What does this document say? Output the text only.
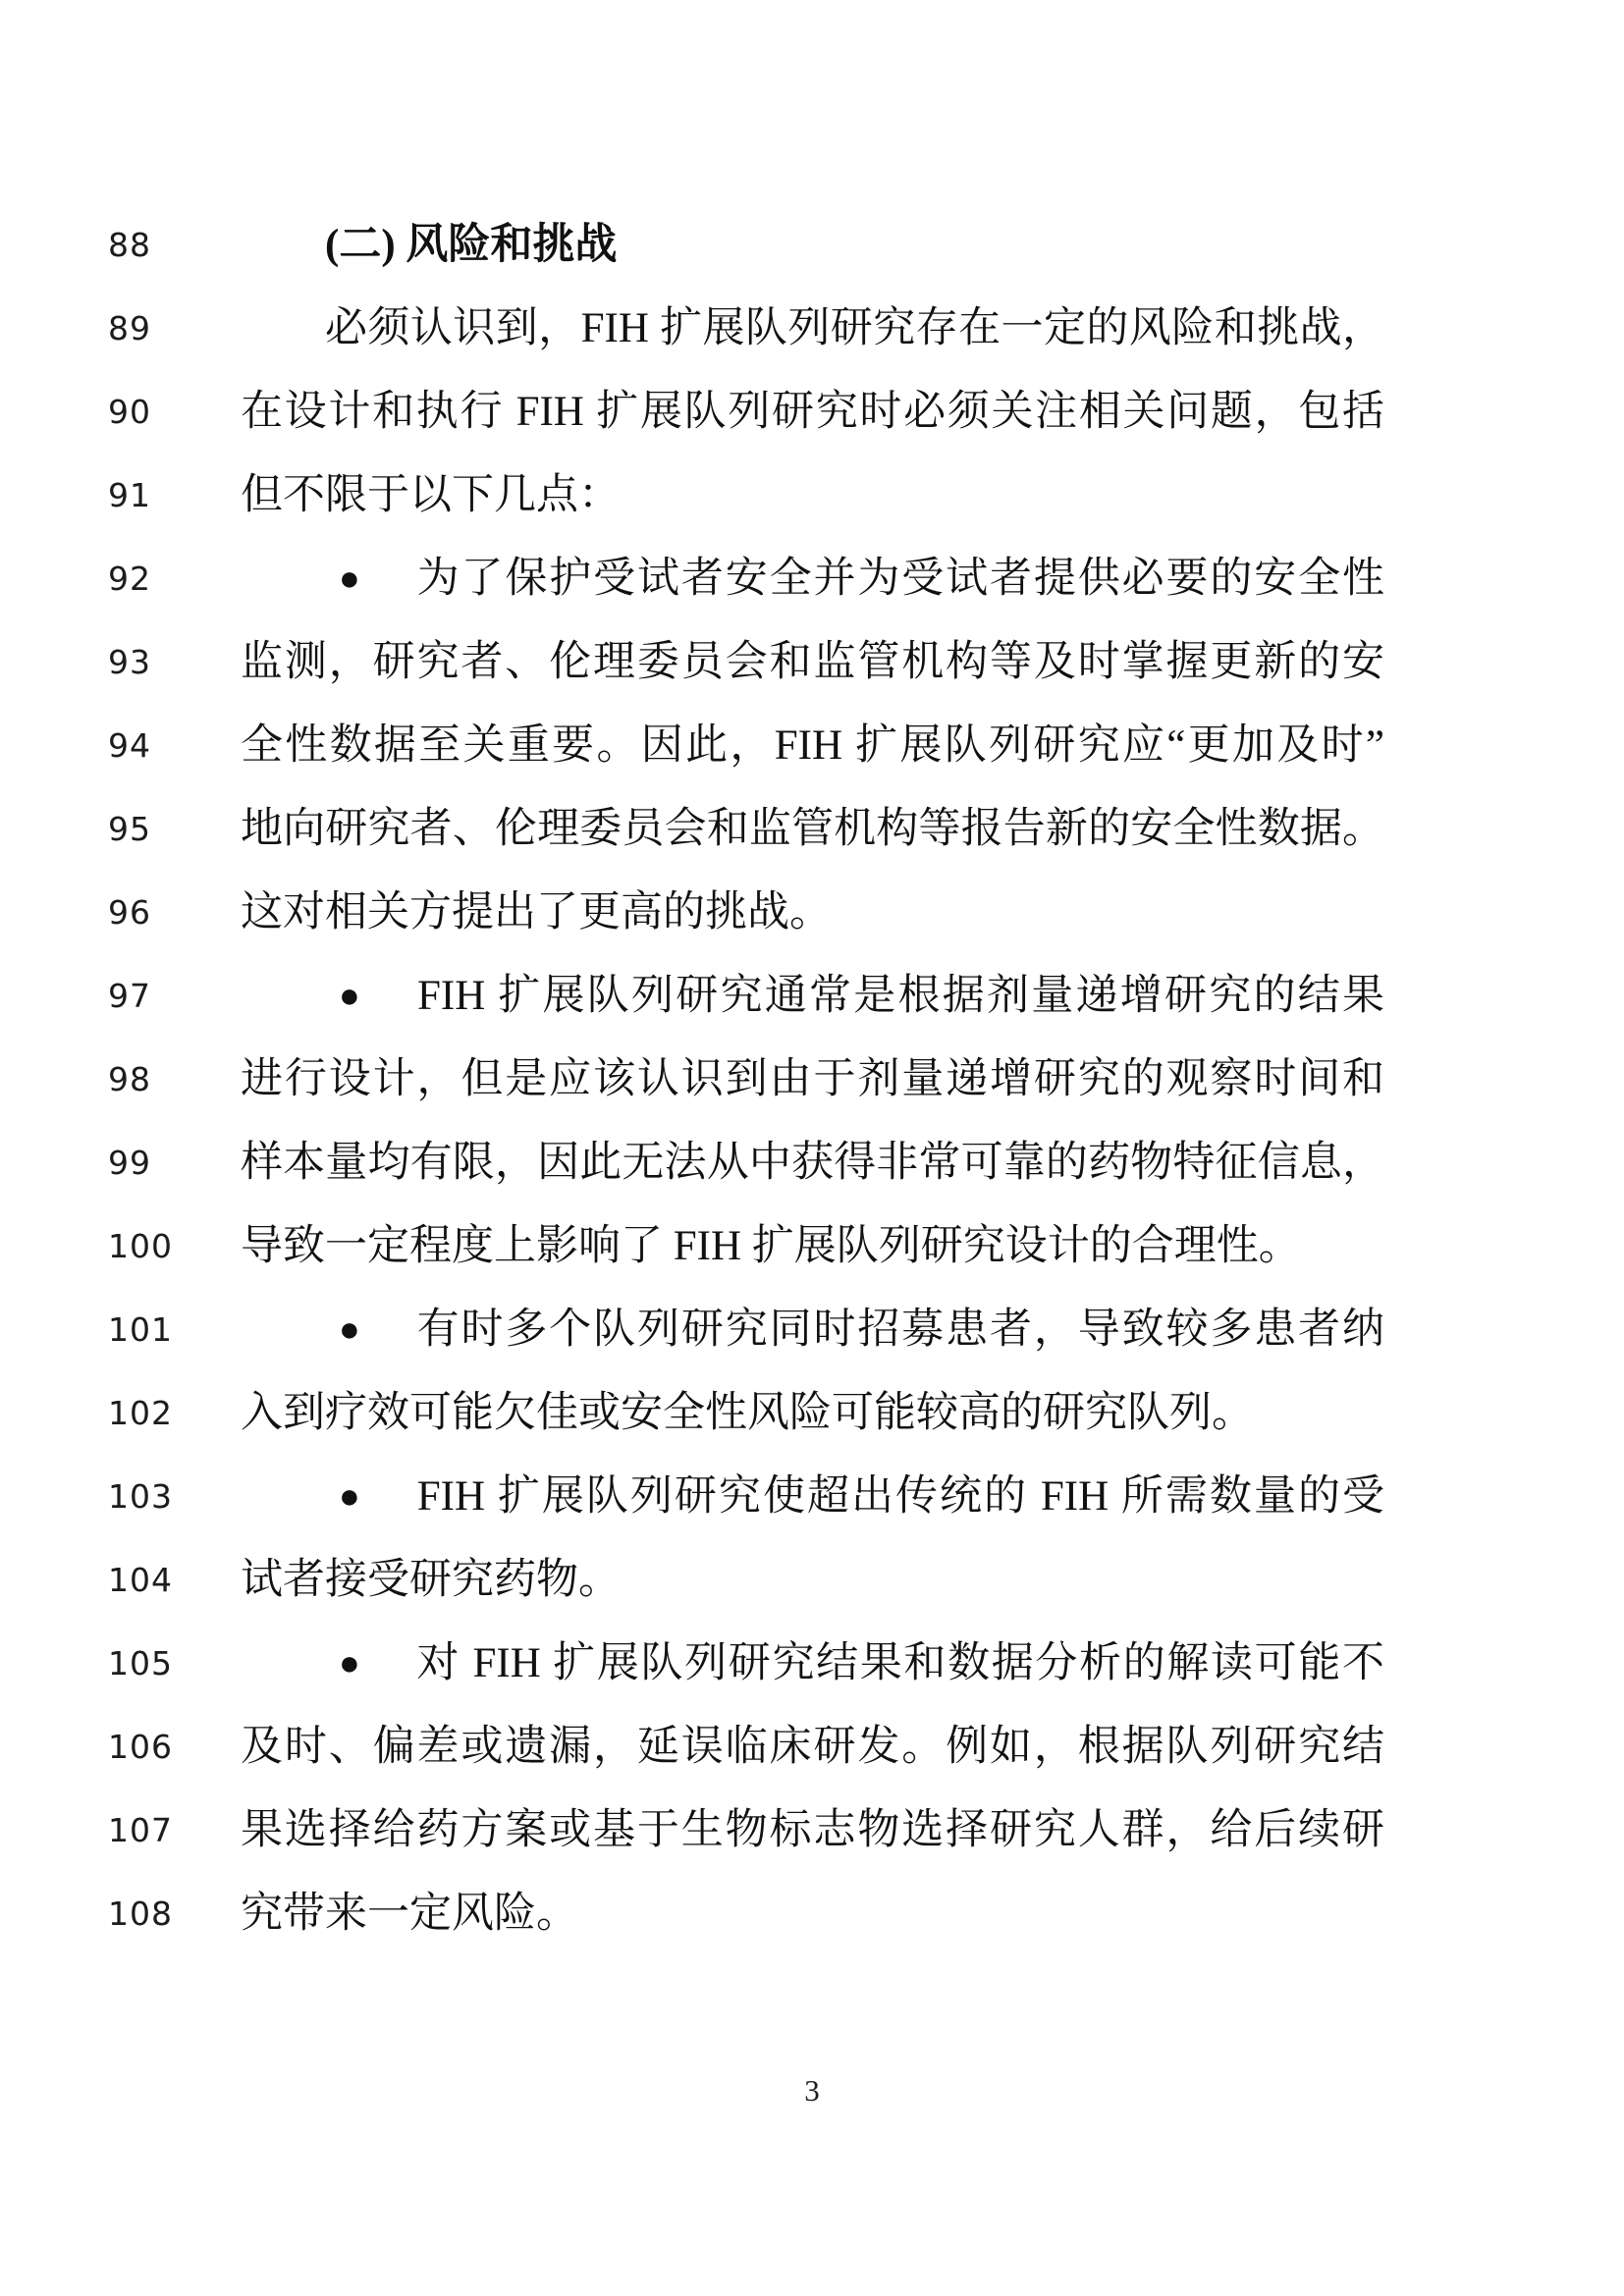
88	(二) 风险和挑战
89	必须认识到，FIH 扩展队列研究存在一定的风险和挑战，
90 在设计和执行 FIH 扩展队列研究时必须关注相关问题，包括
91 但不限于以下几点：
92	● 为了保护受试者安全并为受试者提供必要的安全性
93 监测，研究者、伦理委员会和监管机构等及时掌握更新的安
94 全性数据至关重要。因此，FIH 扩展队列研究应“更加及时”
95 地向研究者、伦理委员会和监管机构等报告新的安全性数据。
96 这对相关方提出了更高的挑战。
97	● FIH 扩展队列研究通常是根据剂量递增研究的结果
98 进行设计，但是应该认识到由于剂量递增研究的观察时间和
99 样本量均有限，因此无法从中获得非常可靠的药物特征信息，
100 导致一定程度上影响了 FIH 扩展队列研究设计的合理性。
101	● 有时多个队列研究同时招募患者，导致较多患者纳
102 入到疗效可能欠佳或安全性风险可能较高的研究队列。
103	● FIH 扩展队列研究使超出传统的 FIH 所需数量的受
104 试者接受研究药物。
105	● 对 FIH 扩展队列研究结果和数据分析的解读可能不
106 及时、偏差或遗漏，延误临床研发。例如，根据队列研究结
107 果选择给药方案或基于生物标志物选择研究人群，给后续研
108 究带来一定风险。
3
